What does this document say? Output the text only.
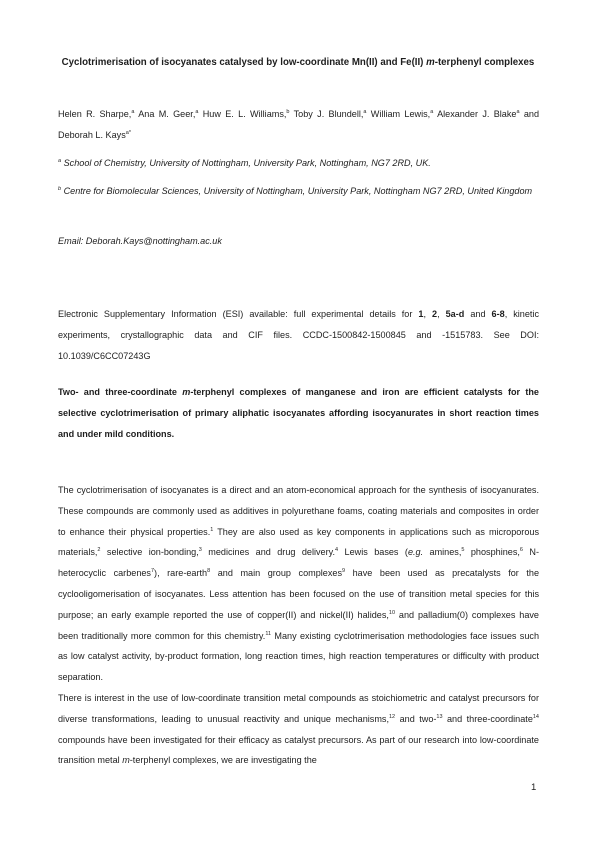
Cyclotrimerisation of isocyanates catalysed by low-coordinate Mn(II) and Fe(II) m-terphenyl complexes
Helen R. Sharpe,$^a$ Ana M. Geer,$^a$ Huw E. L. Williams,$^b$ Toby J. Blundell,$^a$ William Lewis,$^a$ Alexander J. Blake$^a$ and Deborah L. Kays$^{a*}$
$^a$ School of Chemistry, University of Nottingham, University Park, Nottingham, NG7 2RD, UK.
$^b$ Centre for Biomolecular Sciences, University of Nottingham, University Park, Nottingham NG7 2RD, United Kingdom
Email: Deborah.Kays@nottingham.ac.uk
Electronic Supplementary Information (ESI) available: full experimental details for 1, 2, 5a-d and 6-8, kinetic experiments, crystallographic data and CIF files. CCDC-1500842-1500845 and -1515783. See DOI: 10.1039/C6CC07243G
Two- and three-coordinate m-terphenyl complexes of manganese and iron are efficient catalysts for the selective cyclotrimerisation of primary aliphatic isocyanates affording isocyanurates in short reaction times and under mild conditions.
The cyclotrimerisation of isocyanates is a direct and an atom-economical approach for the synthesis of isocyanurates. These compounds are commonly used as additives in polyurethane foams, coating materials and composites in order to enhance their physical properties.$^1$ They are also used as key components in applications such as microporous materials,$^2$ selective ion-bonding,$^3$ medicines and drug delivery.$^4$ Lewis bases (e.g. amines,$^5$ phosphines,$^6$ N-heterocyclic carbenes$^7$), rare-earth$^8$ and main group complexes$^9$ have been used as precatalysts for the cyclooligomerisation of isocyanates. Less attention has been focused on the use of transition metal species for this purpose; an early example reported the use of copper(II) and nickel(II) halides,$^{10}$ and palladium(0) complexes have been traditionally more common for this chemistry.$^{11}$ Many existing cyclotrimerisation methodologies face issues such as low catalyst activity, by-product formation, long reaction times, high reaction temperatures or difficulty with product separation.
There is interest in the use of low-coordinate transition metal compounds as stoichiometric and catalyst precursors for diverse transformations, leading to unusual reactivity and unique mechanisms,$^{12}$ and two-$^{13}$ and three-coordinate$^{14}$ compounds have been investigated for their efficacy as catalyst precursors. As part of our research into low-coordinate transition metal m-terphenyl complexes, we are investigating the
1
